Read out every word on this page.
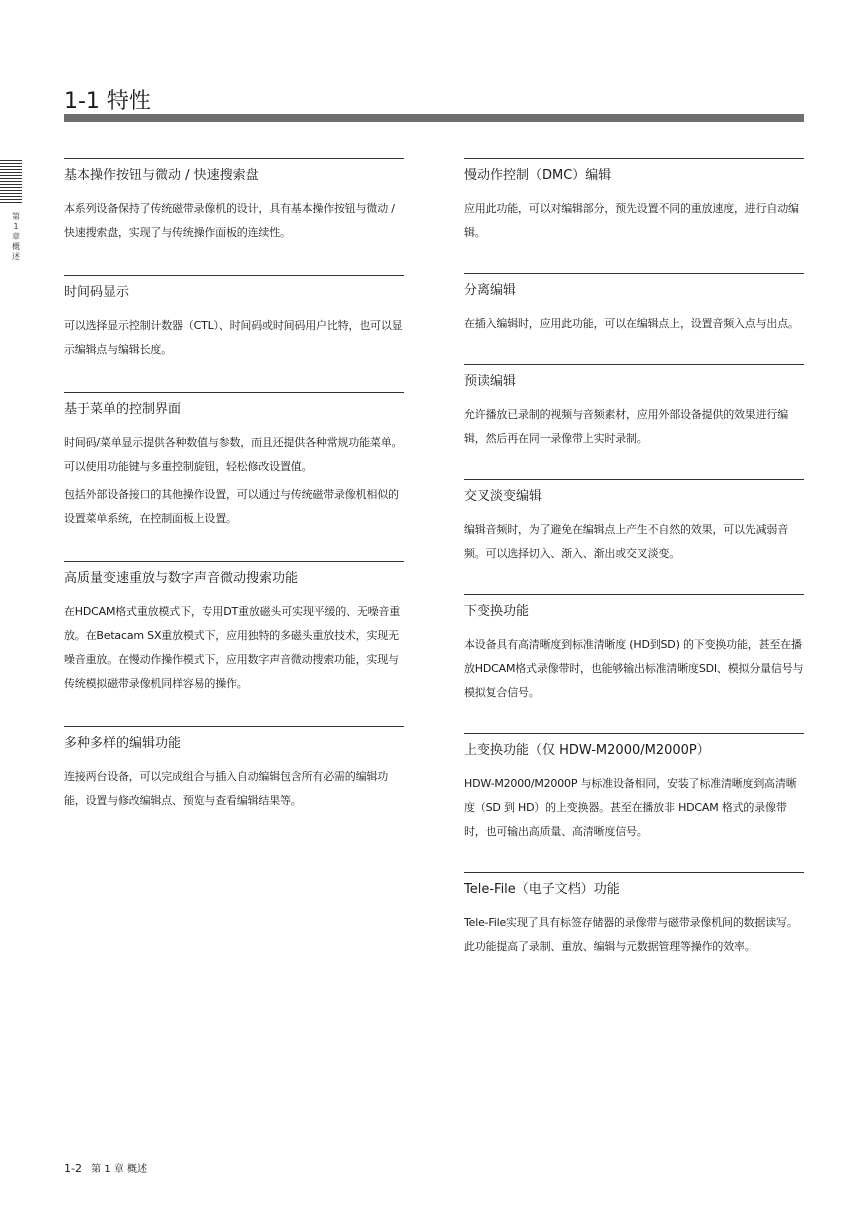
1-1 特性
第1章 概述
基本操作按钮与微动 / 快速搜索盘

本系列设备保持了传统磁带录像机的设计，具有基本操作按钮与微动 / 快速搜索盘，实现了与传统操作面板的连续性。

时间码显示

可以选择显示控制计数器（CTL）、时间码或时间码用户比特，也可以显示编辑点与编辑长度。

基于菜单的控制界面

时间码/菜单显示提供各种数值与参数，而且还提供各种常规功能菜单。可以使用功能键与多重控制旋钮，轻松修改设置值。

包括外部设备接口的其他操作设置，可以通过与传统磁带录像机相似的设置菜单系统，在控制面板上设置。

高质量变速重放与数字声音微动搜索功能

在HDCAM格式重放模式下，专用DT重放磁头可实现平缓的、无噪音重放。在Betacam SX重放模式下，应用独特的多磁头重放技术，实现无噪音重放。在慢动作操作模式下，应用数字声音微动搜索功能，实现与传统模拟磁带录像机同样容易的操作。

多种多样的编辑功能

连接两台设备，可以完成组合与插入自动编辑包含所有必需的编辑功能，设置与修改编辑点、预览与查看编辑结果等。

慢动作控制（DMC）编辑

应用此功能，可以对编辑部分，预先设置不同的重放速度，进行自动编辑。

分离编辑

在插入编辑时，应用此功能，可以在编辑点上，设置音频入点与出点。

预读编辑

允许播放已录制的视频与音频素材，应用外部设备提供的效果进行编辑，然后再在同一录像带上实时录制。

交叉淡变编辑

编辑音频时，为了避免在编辑点上产生不自然的效果，可以先减弱音频。可以选择切入、渐入、渐出或交叉淡变。

下变换功能

本设备具有高清晰度到标准清晰度 (HD到SD) 的下变换功能，甚至在播放HDCAM格式录像带时，也能够输出标准清晰度SDI、模拟分量信号与模拟复合信号。

上变换功能（仅 HDW-M2000/M2000P）

HDW-M2000/M2000P 与标准设备相同，安装了标准清晰度到高清晰度（SD 到 HD）的上变换器。甚至在播放非 HDCAM 格式的录像带时，也可输出高质量、高清晰度信号。

Tele-File（电子文档）功能

Tele-File实现了具有标签存储器的录像带与磁带录像机间的数据读写。此功能提高了录制、重放、编辑与元数据管理等操作的效率。

1-2 第 1 章 概述
